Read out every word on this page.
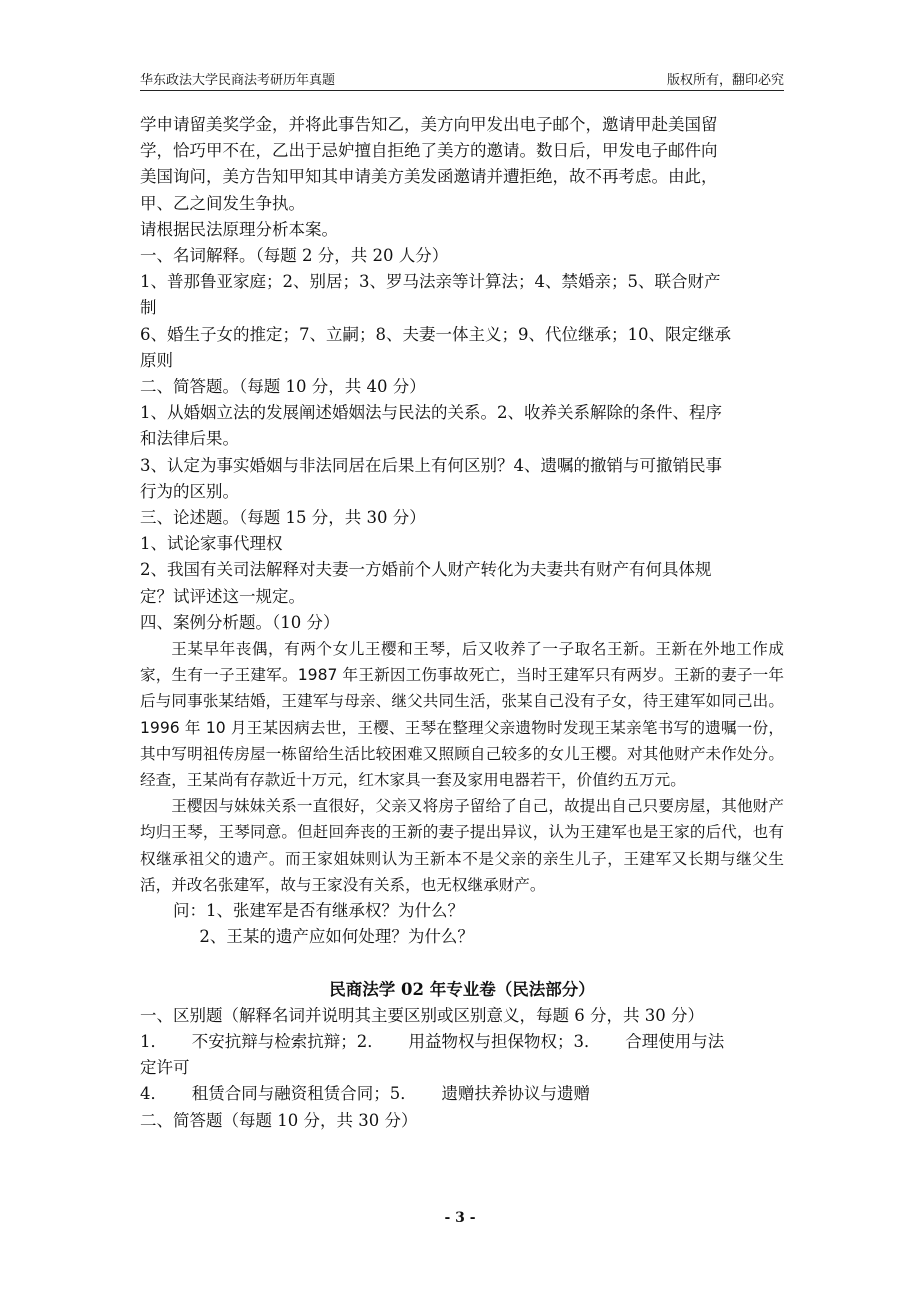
华东政法大学民商法考研历年真题	版权所有，翻印必究

学申请留美奖学金，并将此事告知乙，美方向甲发出电子邮个，邀请甲赴美国留

学，恰巧甲不在，乙出于忌妒擅自拒绝了美方的邀请。数日后，甲发电子邮件向

美国询问，美方告知甲知其申请美方美发函邀请并遭拒绝，故不再考虑。由此，

甲、乙之间发生争执。

请根据民法原理分析本案。

一、名词解释。（每题 2 分，共 20 人分）

1、普那鲁亚家庭；2、别居；3、罗马法亲等计算法；4、禁婚亲；5、联合财产

制

6、婚生子女的推定；7、立嗣；8、夫妻一体主义；9、代位继承；10、限定继承

原则

二、简答题。（每题 10 分，共 40 分）

1、从婚姻立法的发展阐述婚姻法与民法的关系。2、收养关系解除的条件、程序

和法律后果。

3、认定为事实婚姻与非法同居在后果上有何区别？4、遗嘱的撤销与可撤销民事

行为的区别。

三、论述题。（每题 15 分，共 30 分）

1、试论家事代理权

2、我国有关司法解释对夫妻一方婚前个人财产转化为夫妻共有财产有何具体规

定？试评述这一规定。

四、案例分析题。（10 分）

王某早年丧偶，有两个女儿王樱和王琴，后又收养了一子取名王新。王新在外地工作成家，生有一子王建军。1987 年王新因工伤事故死亡，当时王建军只有两岁。王新的妻子一年后与同事张某结婚，王建军与母亲、继父共同生活，张某自己没有子女，待王建军如同己出。1996 年 10 月王某因病去世，王樱、王琴在整理父亲遗物时发现王某亲笔书写的遗嘱一份，其中写明祖传房屋一栋留给生活比较困难又照顾自己较多的女儿王樱。对其他财产未作处分。经查，王某尚有存款近十万元，红木家具一套及家用电器若干，价值约五万元。

王樱因与妹妹关系一直很好，父亲又将房子留给了自己，故提出自己只要房屋，其他财产均归王琴，王琴同意。但赶回奔丧的王新的妻子提出异议，认为王建军也是王家的后代，也有权继承祖父的遗产。而王家姐妹则认为王新本不是父亲的亲生儿子，王建军又长期与继父生活，并改名张建军，故与王家没有关系，也无权继承财产。

问：1、张建军是否有继承权？为什么？

2、王某的遗产应如何处理？为什么？

民商法学 02 年专业卷（民法部分）

一、区别题（解释名词并说明其主要区别或区别意义，每题 6 分，共 30 分）

1．　　不安抗辩与检索抗辩；2．　　用益物权与担保物权；3．　　合理使用与法

定许可

4．　　租赁合同与融资租赁合同；5．　　遗赠扶养协议与遗赠

二、简答题（每题 10 分，共 30 分）

- 3 -
